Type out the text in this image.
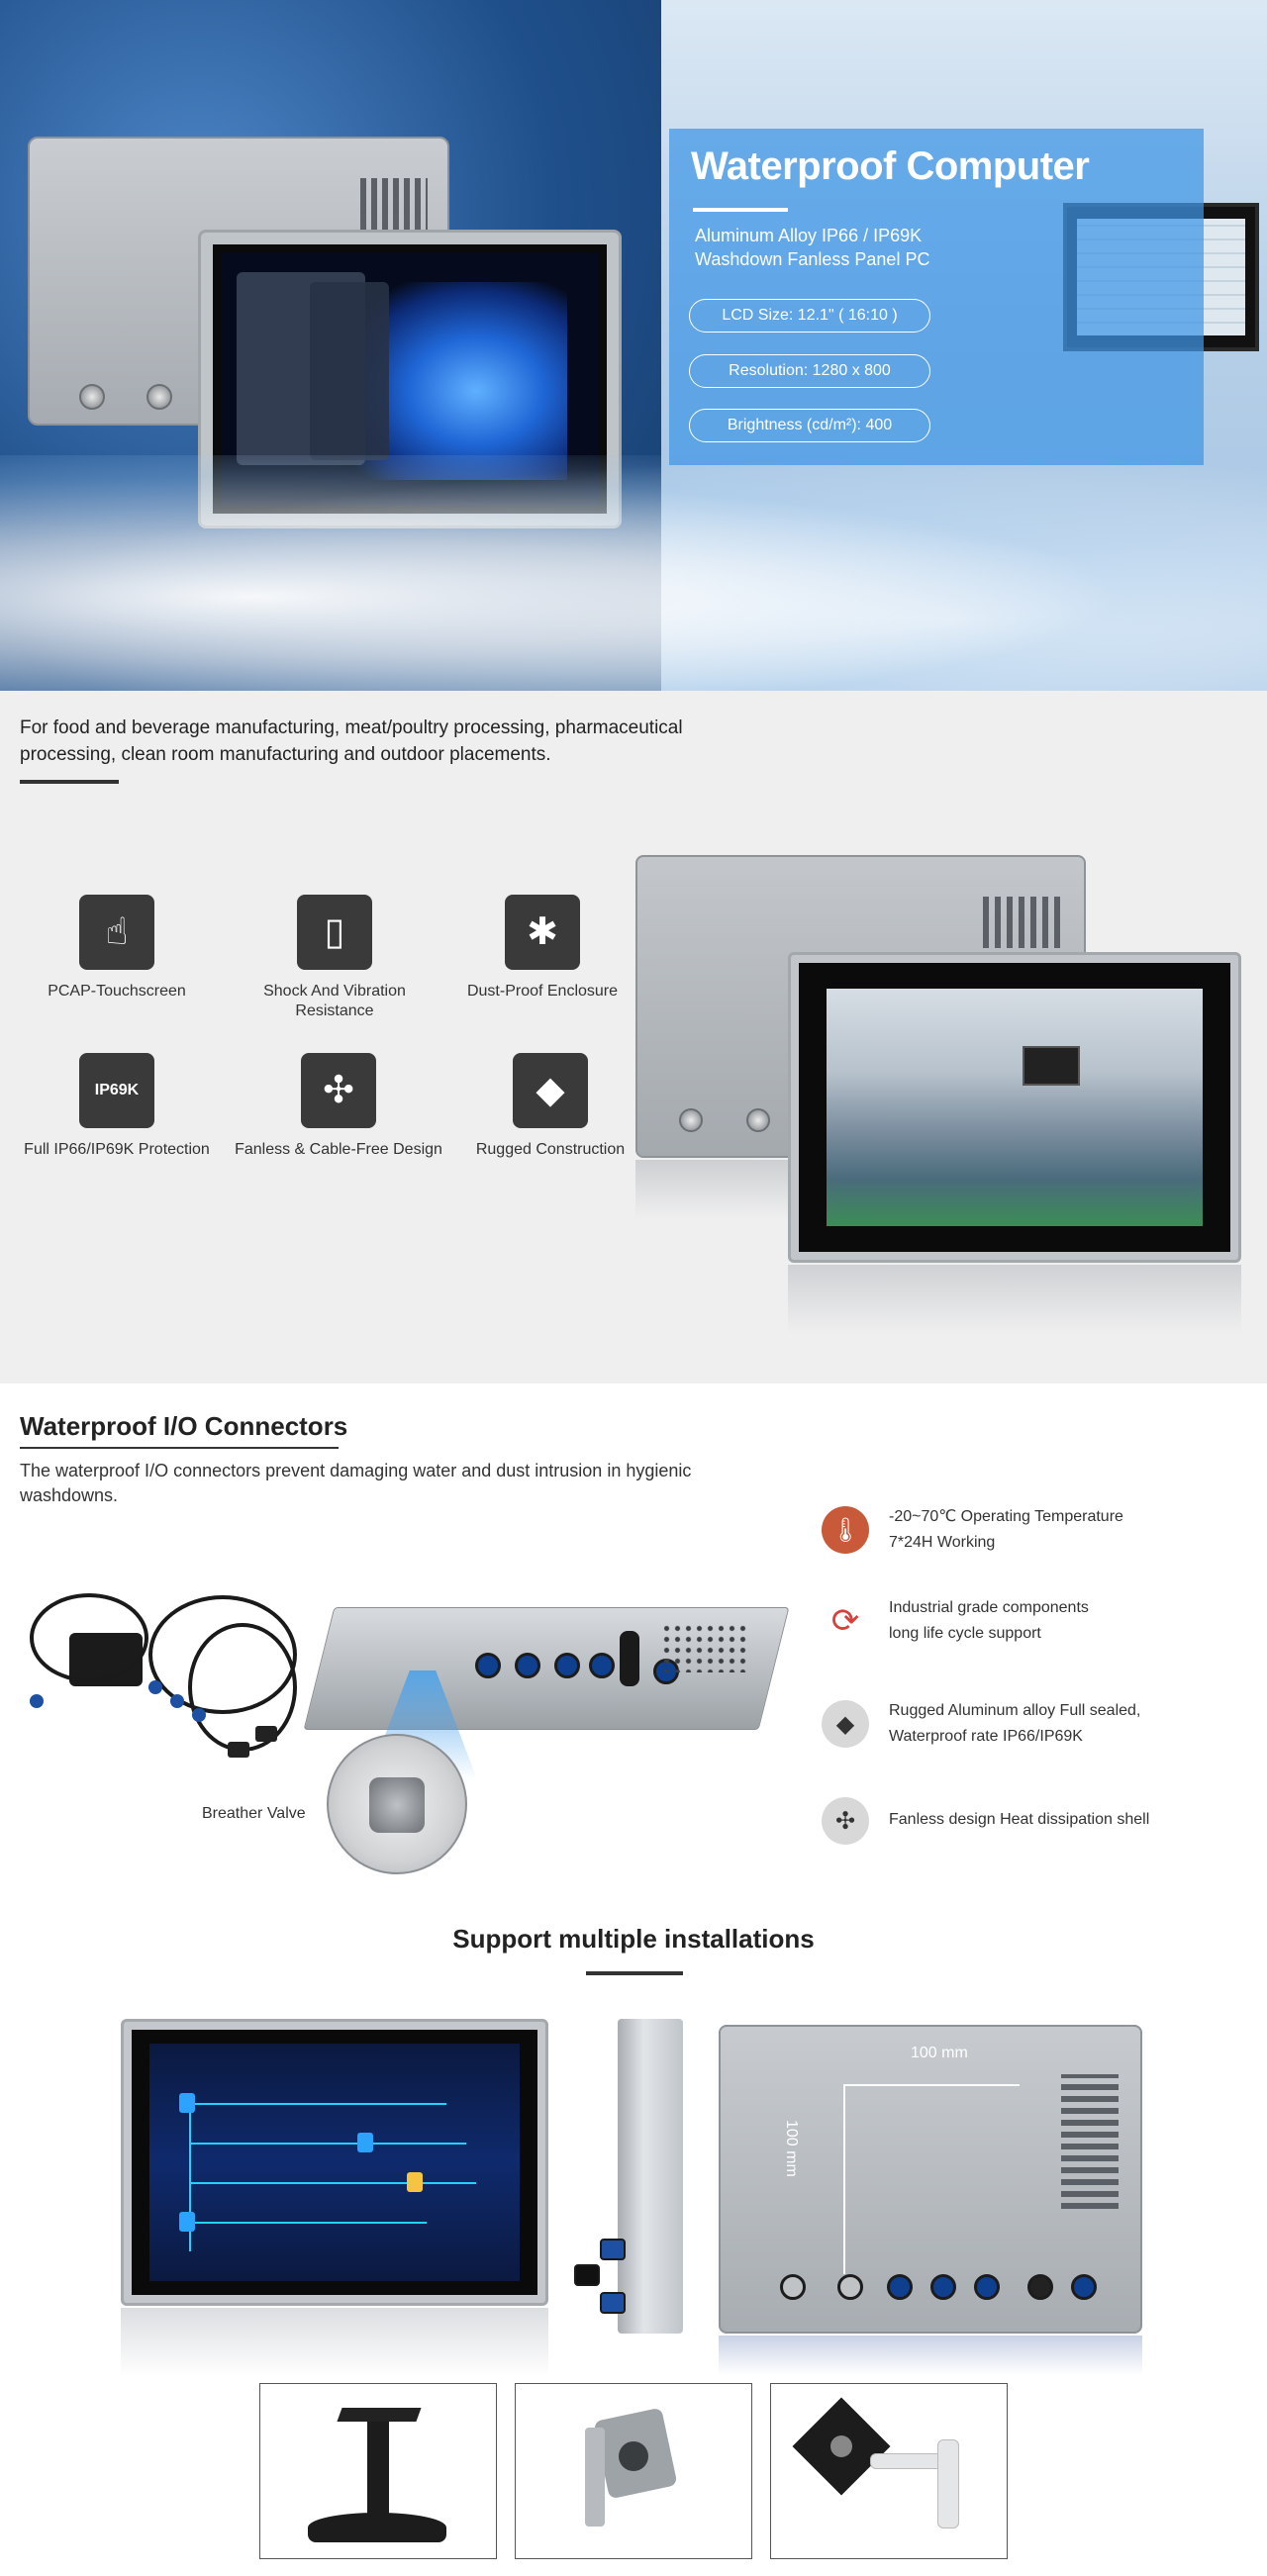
Waterproof Computer
Aluminum Alloy IP66 / IP69K
Washdown Fanless Panel PC
LCD Size: 12.1" ( 16:10 )
Resolution: 1280 x 800
Brightness (cd/m²): 400

For food and beverage manufacturing, meat/poultry processing, pharmaceutical processing, clean room manufacturing and outdoor placements.

☝
PCAP-Touchscreen
▯
Shock And Vibration Resistance
✱
Dust-Proof Enclosure
IP69K
Full IP66/IP69K Protection
✣
Fanless & Cable-Free Design
◆
Rugged Construction
Waterproof I/O Connectors

The waterproof I/O connectors prevent damaging water and dust intrusion in hygienic washdowns.

Breather Valve
🌡	-20~70℃ Operating Temperature
7*24H Working
⟳	Industrial grade components
long life cycle support
◆	Rugged Aluminum alloy Full sealed,
Waterproof rate IP66/IP69K
✣	Fanless design Heat dissipation shell
Support multiple installations
100 mm
100 mm
